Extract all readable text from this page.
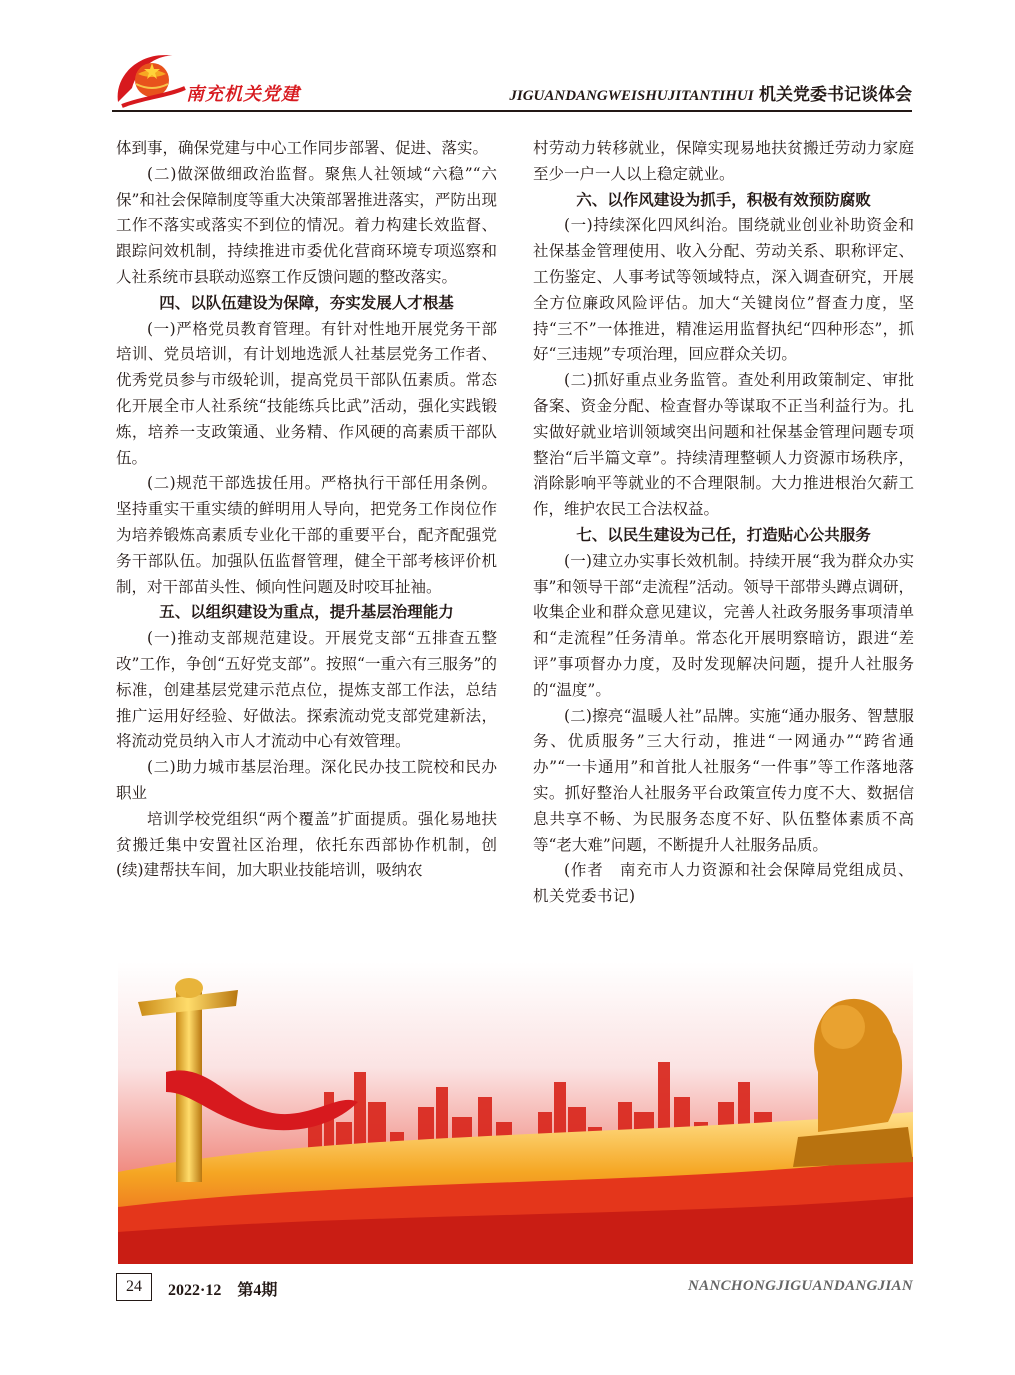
南充机关党建	JIGUANDANGWEISHUJITANTIHUI 机关党委书记谈体会

体到事，确保党建与中心工作同步部署、促进、落实。

(二)做深做细政治监督。聚焦人社领域“六稳”“六保”和社会保障制度等重大决策部署推进落实，严防出现工作不落实或落实不到位的情况。着力构建长效监督、跟踪问效机制，持续推进市委优化营商环境专项巡察和人社系统市县联动巡察工作反馈问题的整改落实。

四、以队伍建设为保障，夯实发展人才根基

(一)严格党员教育管理。有针对性地开展党务干部培训、党员培训，有计划地选派人社基层党务工作者、优秀党员参与市级轮训，提高党员干部队伍素质。常态化开展全市人社系统“技能练兵比武”活动，强化实践锻炼，培养一支政策通、业务精、作风硬的高素质干部队伍。

(二)规范干部选拔任用。严格执行干部任用条例。坚持重实干重实绩的鲜明用人导向，把党务工作岗位作为培养锻炼高素质专业化干部的重要平台，配齐配强党务干部队伍。加强队伍监督管理，健全干部考核评价机制，对干部苗头性、倾向性问题及时咬耳扯袖。

五、以组织建设为重点，提升基层治理能力

(一)推动支部规范建设。开展党支部“五排查五整改”工作，争创“五好党支部”。按照“一重六有三服务”的标准，创建基层党建示范点位，提炼支部工作法，总结推广运用好经验、好做法。探索流动党支部党建新法，将流动党员纳入市人才流动中心有效管理。

(二)助力城市基层治理。深化民办技工院校和民办职业

培训学校党组织“两个覆盖”扩面提质。强化易地扶贫搬迁集中安置社区治理，依托东西部协作机制，创(续)建帮扶车间，加大职业技能培训，吸纳农

村劳动力转移就业，保障实现易地扶贫搬迁劳动力家庭至少一户一人以上稳定就业。

六、以作风建设为抓手，积极有效预防腐败

(一)持续深化四风纠治。围绕就业创业补助资金和社保基金管理使用、收入分配、劳动关系、职称评定、工伤鉴定、人事考试等领域特点，深入调查研究，开展全方位廉政风险评估。加大“关键岗位”督查力度，坚持“三不”一体推进，精准运用监督执纪“四种形态”，抓好“三违规”专项治理，回应群众关切。

(二)抓好重点业务监管。查处利用政策制定、审批备案、资金分配、检查督办等谋取不正当利益行为。扎实做好就业培训领域突出问题和社保基金管理问题专项整治“后半篇文章”。持续清理整顿人力资源市场秩序，消除影响平等就业的不合理限制。大力推进根治欠薪工作，维护农民工合法权益。

七、以民生建设为己任，打造贴心公共服务

(一)建立办实事长效机制。持续开展“我为群众办实事”和领导干部“走流程”活动。领导干部带头蹲点调研，收集企业和群众意见建议，完善人社政务服务事项清单和“走流程”任务清单。常态化开展明察暗访，跟进“差评”事项督办力度，及时发现解决问题，提升人社服务的“温度”。

(二)擦亮“温暖人社”品牌。实施“通办服务、智慧服务、优质服务”三大行动，推进“一网通办”“跨省通办”“一卡通用”和首批人社服务“一件事”等工作落地落实。抓好整治人社服务平台政策宣传力度不大、数据信息共享不畅、为民服务态度不好、队伍整体素质不高等“老大难”问题，不断提升人社服务品质。

(作者　南充市人力资源和社会保障局党组成员、机关党委书记)

24	2022·12　第4期	NANCHONGJIGUANDANGJIAN
